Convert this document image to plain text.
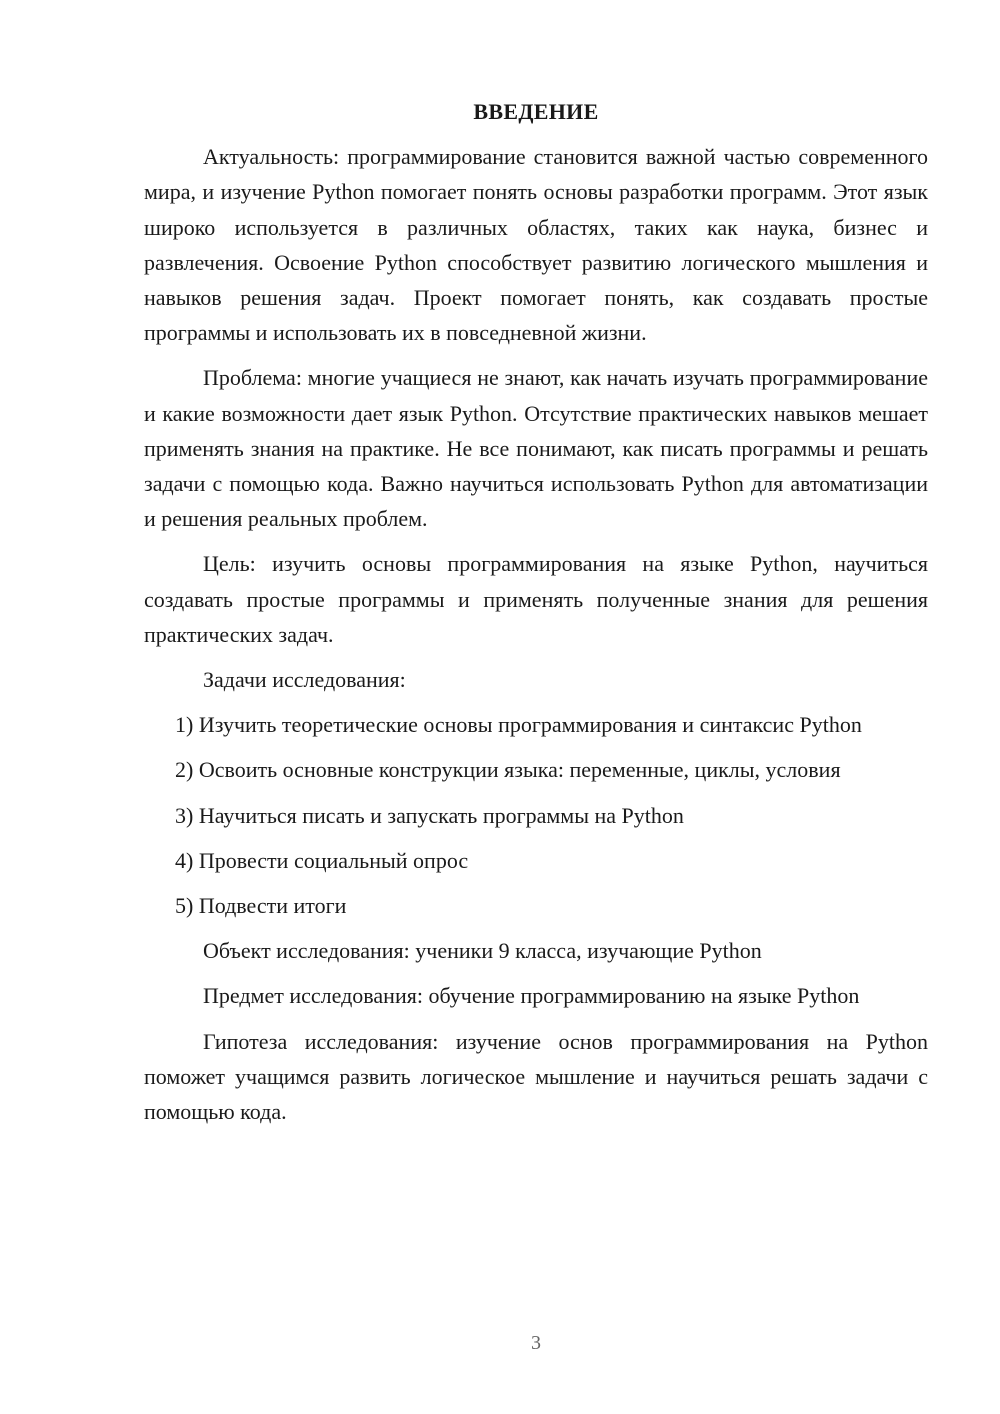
ВВЕДЕНИЕ

Актуальность: программирование становится важной частью современного мира, и изучение Python помогает понять основы разработки программ. Этот язык широко используется в различных областях, таких как наука, бизнес и развлечения. Освоение Python способствует развитию логического мышления и навыков решения задач. Проект помогает понять, как создавать простые программы и использовать их в повседневной жизни.

Проблема: многие учащиеся не знают, как начать изучать программирование и какие возможности дает язык Python. Отсутствие практических навыков мешает применять знания на практике. Не все понимают, как писать программы и решать задачи с помощью кода. Важно научиться использовать Python для автоматизации и решения реальных проблем.

Цель: изучить основы программирования на языке Python, научиться создавать простые программы и применять полученные знания для решения практических задач.

Задачи исследования:

1) Изучить теоретические основы программирования и синтаксис Python

2) Освоить основные конструкции языка: переменные, циклы, условия

3) Научиться писать и запускать программы на Python

4) Провести социальный опрос

5) Подвести итоги

Объект исследования: ученики 9 класса, изучающие Python

Предмет исследования: обучение программированию на языке Python

Гипотеза исследования: изучение основ программирования на Python поможет учащимся развить логическое мышление и научиться решать задачи с помощью кода.

3
